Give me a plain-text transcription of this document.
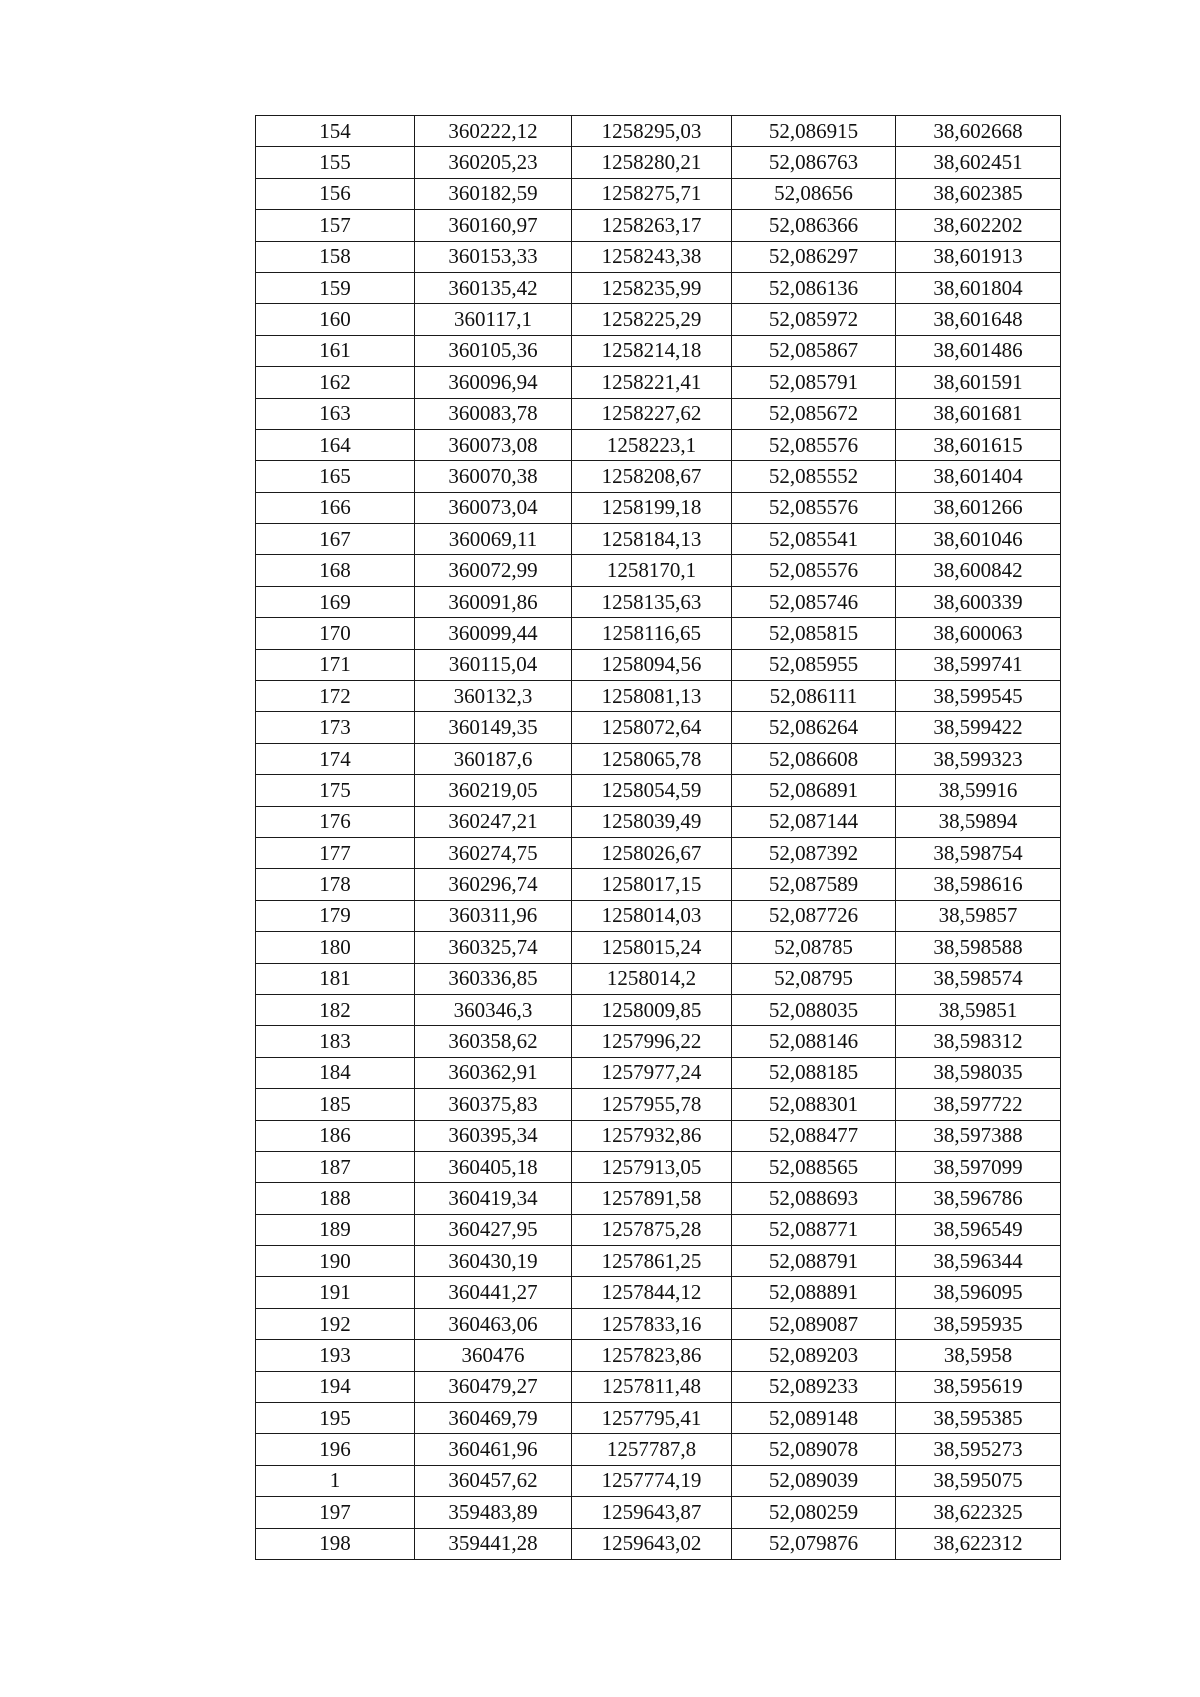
154	360222,12	1258295,03	52,086915	38,602668
155	360205,23	1258280,21	52,086763	38,602451
156	360182,59	1258275,71	52,08656	38,602385
157	360160,97	1258263,17	52,086366	38,602202
158	360153,33	1258243,38	52,086297	38,601913
159	360135,42	1258235,99	52,086136	38,601804
160	360117,1	1258225,29	52,085972	38,601648
161	360105,36	1258214,18	52,085867	38,601486
162	360096,94	1258221,41	52,085791	38,601591
163	360083,78	1258227,62	52,085672	38,601681
164	360073,08	1258223,1	52,085576	38,601615
165	360070,38	1258208,67	52,085552	38,601404
166	360073,04	1258199,18	52,085576	38,601266
167	360069,11	1258184,13	52,085541	38,601046
168	360072,99	1258170,1	52,085576	38,600842
169	360091,86	1258135,63	52,085746	38,600339
170	360099,44	1258116,65	52,085815	38,600063
171	360115,04	1258094,56	52,085955	38,599741
172	360132,3	1258081,13	52,086111	38,599545
173	360149,35	1258072,64	52,086264	38,599422
174	360187,6	1258065,78	52,086608	38,599323
175	360219,05	1258054,59	52,086891	38,59916
176	360247,21	1258039,49	52,087144	38,59894
177	360274,75	1258026,67	52,087392	38,598754
178	360296,74	1258017,15	52,087589	38,598616
179	360311,96	1258014,03	52,087726	38,59857
180	360325,74	1258015,24	52,08785	38,598588
181	360336,85	1258014,2	52,08795	38,598574
182	360346,3	1258009,85	52,088035	38,59851
183	360358,62	1257996,22	52,088146	38,598312
184	360362,91	1257977,24	52,088185	38,598035
185	360375,83	1257955,78	52,088301	38,597722
186	360395,34	1257932,86	52,088477	38,597388
187	360405,18	1257913,05	52,088565	38,597099
188	360419,34	1257891,58	52,088693	38,596786
189	360427,95	1257875,28	52,088771	38,596549
190	360430,19	1257861,25	52,088791	38,596344
191	360441,27	1257844,12	52,088891	38,596095
192	360463,06	1257833,16	52,089087	38,595935
193	360476	1257823,86	52,089203	38,5958
194	360479,27	1257811,48	52,089233	38,595619
195	360469,79	1257795,41	52,089148	38,595385
196	360461,96	1257787,8	52,089078	38,595273
1	360457,62	1257774,19	52,089039	38,595075
197	359483,89	1259643,87	52,080259	38,622325
198	359441,28	1259643,02	52,079876	38,622312
